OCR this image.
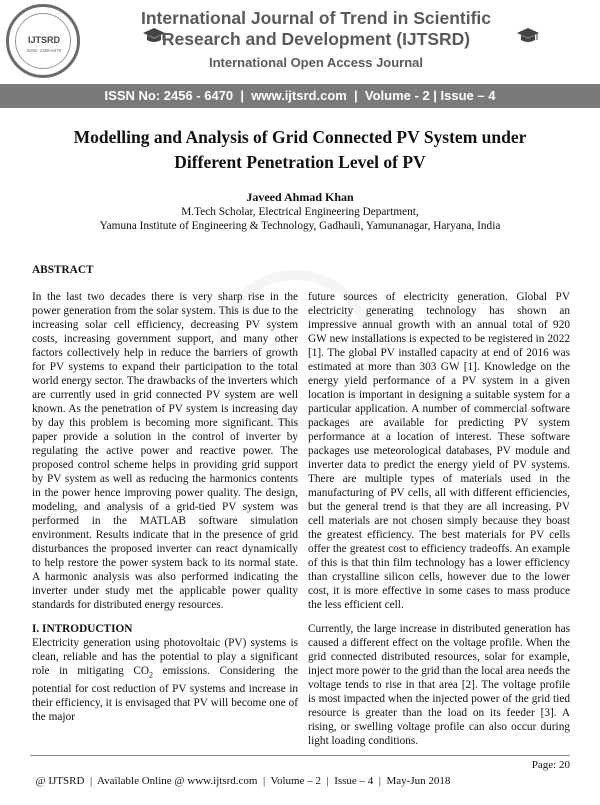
IJTSRD
ISSN: 2456-6470
International Journal of Trend in Scientific
Research and Development (IJTSRD)
International Open Access Journal
ISSN No: 2456 - 6470  |  www.ijtsrd.com  |  Volume - 2 | Issue – 4
Modelling and Analysis of Grid Connected PV System under
Different Penetration Level of PV
Javeed Ahmad Khan
M.Tech Scholar, Electrical Engineering Department,
Yamuna Institute of Engineering & Technology, Gadhauli, Yamunanagar, Haryana, India
ABSTRACT

In the last two decades there is very sharp rise in the power generation from the solar system. This is due to the increasing solar cell efficiency, decreasing PV system costs, increasing government support, and many other factors collectively help in reduce the barriers of growth for PV systems to expand their participation to the total world energy sector. The drawbacks of the inverters which are currently used in grid connected PV system are well known. As the penetration of PV system is increasing day by day this problem is becoming more significant. This paper provide a solution in the control of inverter by regulating the active power and reactive power. The proposed control scheme helps in providing grid support by PV system as well as reducing the harmonics contents in the power hence improving power quality. The design, modeling, and analysis of a grid-tied PV system was performed in the MATLAB software simulation environment. Results indicate that in the presence of grid disturbances the proposed inverter can react dynamically to help restore the power system back to its normal state. A harmonic analysis was also performed indicating the inverter under study met the applicable power quality standards for distributed energy resources.

I. INTRODUCTION

Electricity generation using photovoltaic (PV) systems is clean, reliable and has the potential to play a significant role in mitigating $CO_2$ emissions. Considering the potential for cost reduction of PV systems and increase in their efficiency, it is envisaged that PV will become one of the major

future sources of electricity generation. Global PV electricity generating technology has shown an impressive annual growth with an annual total of 920 GW new installations is expected to be registered in 2022 [1]. The global PV installed capacity at end of 2016 was estimated at more than 303 GW [1]. Knowledge on the energy yield performance of a PV system in a given location is important in designing a suitable system for a particular application. A number of commercial software packages are available for predicting PV system performance at a location of interest. These software packages use meteorological databases, PV module and inverter data to predict the energy yield of PV systems. There are multiple types of materials used in the manufacturing of PV cells, all with different efficiencies, but the general trend is that they are all increasing. PV cell materials are not chosen simply because they boast the greatest efficiency. The best materials for PV cells offer the greatest cost to efficiency tradeoffs. An example of this is that thin film technology has a lower efficiency than crystalline silicon cells, however due to the lower cost, it is more effective in some cases to mass produce the less efficient cell.

Currently, the large increase in distributed generation has caused a different effect on the voltage profile. When the grid connected distributed resources, solar for example, inject more power to the grid than the local area needs the voltage tends to rise in that area [2]. The voltage profile is most impacted when the injected power of the grid tied resource is greater than the load on its feeder [3]. A rising, or swelling voltage profile can also occur during light loading conditions.

@ IJTSRD  |  Available Online @ www.ijtsrd.com  |  Volume – 2  |  Issue – 4  |  May-Jun 2018

Page: 20
